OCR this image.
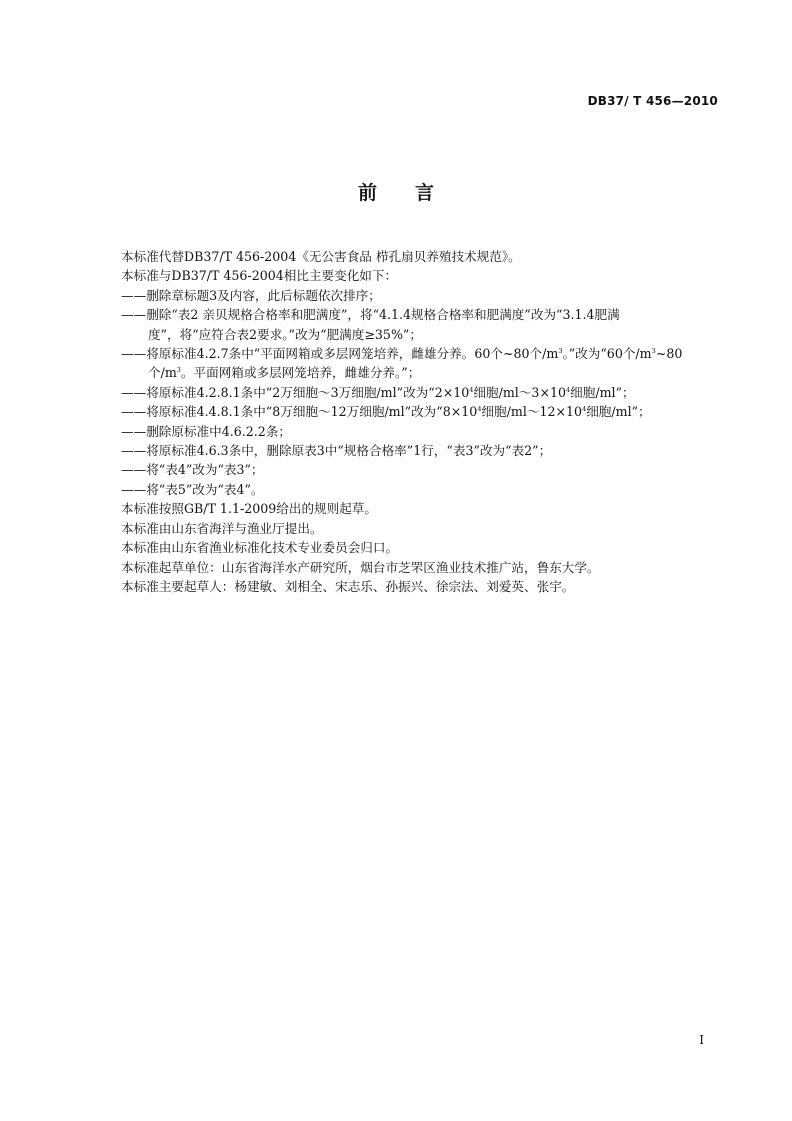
DB37/ T 456—2010
前　　言
本标准代替DB37/T 456-2004《无公害食品 栉孔扇贝养殖技术规范》。
本标准与DB37/T 456-2004相比主要变化如下：
——删除章标题3及内容，此后标题依次排序；
——删除“表2 亲贝规格合格率和肥满度”，将“4.1.4规格合格率和肥满度”改为“3.1.4肥满
度”，将“应符合表2要求。”改为“肥满度≥35%”；
——将原标准4.2.7条中“平面网箱或多层网笼培养，雌雄分养。60个~80个$/m^3$。”改为“60个$/m^3\sim 80$
个$/m^3$。平面网箱或多层网笼培养，雌雄分养。”；
——将原标准4.2.8.1条中“2万细胞～3万细胞/ml”改为“$2\times 10^4$细胞$/ml\sim 3\times 10^4$细胞/ml”；
——将原标准4.4.8.1条中“8万细胞～12万细胞/ml”改为“$8\times 10^4$细胞$/ml\sim 12\times 10^4$细胞/ml”；
——删除原标准中4.6.2.2条；
——将原标准4.6.3条中，删除原表3中“规格合格率”1行，“表3”改为“表2”；
——将“表4”改为“表3”；
——将“表5”改为“表4”。
本标准按照GB/T 1.1-2009给出的规则起草。
本标准由山东省海洋与渔业厅提出。
本标准由山东省渔业标准化技术专业委员会归口。
本标准起草单位：山东省海洋水产研究所，烟台市芝罘区渔业技术推广站，鲁东大学。
本标准主要起草人：杨建敏、刘相全、宋志乐、孙振兴、徐宗法、刘爱英、张宇。
I
